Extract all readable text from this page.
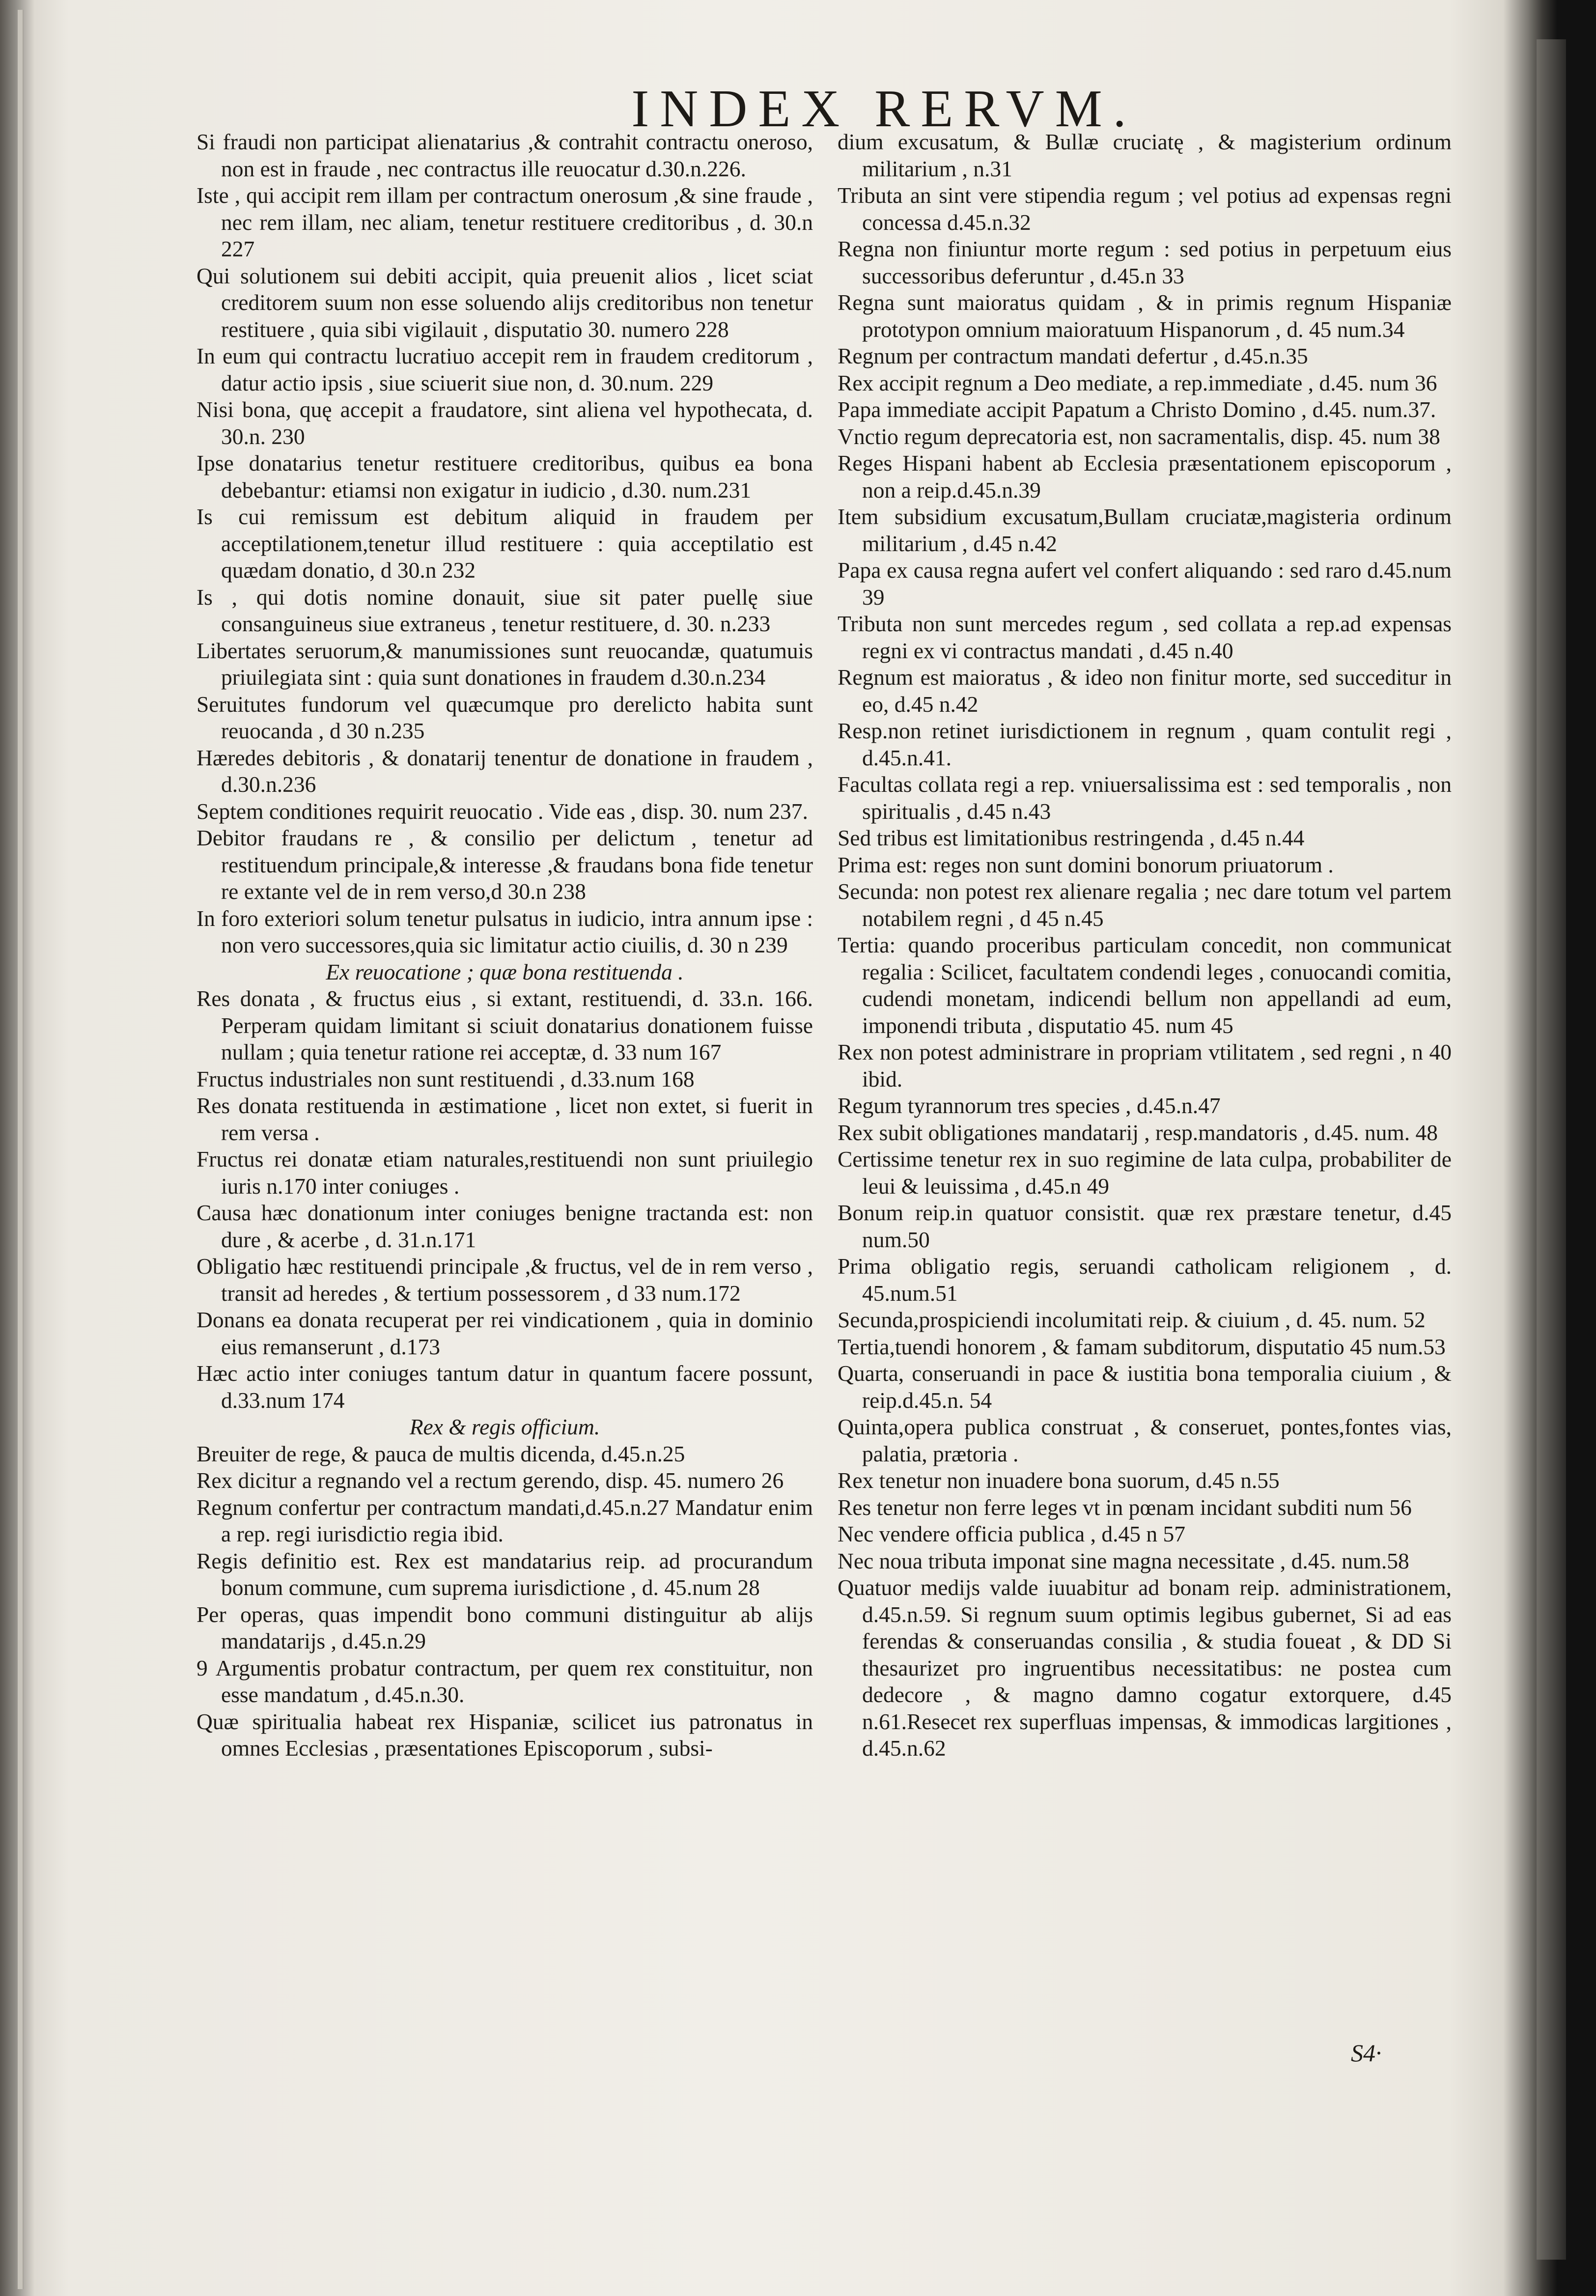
INDEX RERVM.

Si fraudi non participat alienatarius ,& contrahit contractu oneroso, non est in fraude , nec contractus ille reuocatur d.30.n.226.

Iste , qui accipit rem illam per contractum onerosum ,& sine fraude , nec rem illam, nec aliam, tenetur restituere creditoribus , d. 30.n 227

Qui solutionem sui debiti accipit, quia preuenit alios , licet sciat creditorem suum non esse soluendo alijs creditoribus non tenetur restituere , quia sibi vigilauit , disputatio 30. numero 228

In eum qui contractu lucratiuo accepit rem in fraudem creditorum , datur actio ipsis , siue sciuerit siue non, d. 30.num. 229

Nisi bona, quę accepit a fraudatore, sint aliena vel hypothecata, d. 30.n. 230

Ipse donatarius tenetur restituere creditoribus, quibus ea bona debebantur: etiamsi non exigatur in iudicio , d.30. num.231

Is cui remissum est debitum aliquid in fraudem per acceptilationem,tenetur illud restituere : quia acceptilatio est quædam donatio, d 30.n 232

Is , qui dotis nomine donauit, siue sit pater puellę siue consanguineus siue extraneus , tenetur restituere, d. 30. n.233

Libertates seruorum,& manumissiones sunt reuocandæ, quatumuis priuilegiata sint : quia sunt donationes in fraudem d.30.n.234

Seruitutes fundorum vel quæcumque pro derelicto habita sunt reuocanda , d 30 n.235

Hæredes debitoris , & donatarij tenentur de donatione in fraudem , d.30.n.236

Septem conditiones requirit reuocatio . Vide eas , disp. 30. num 237.

Debitor fraudans re , & consilio per delictum , tenetur ad restituendum principale,& interesse ,& fraudans bona fide tenetur re extante vel de in rem verso,d 30.n 238

In foro exteriori solum tenetur pulsatus in iudicio, intra annum ipse : non vero successores,quia sic limitatur actio ciuilis, d. 30 n 239

Ex reuocatione ; quæ bona restituenda .

Res donata , & fructus eius , si extant, restituendi, d. 33.n. 166. Perperam quidam limitant si sciuit donatarius donationem fuisse nullam ; quia tenetur ratione rei acceptæ, d. 33 num 167

Fructus industriales non sunt restituendi , d.33.num 168

Res donata restituenda in æstimatione , licet non extet, si fuerit in rem versa .

Fructus rei donatæ etiam naturales,restituendi non sunt priuilegio iuris n.170 inter coniuges .

Causa hæc donationum inter coniuges benigne tractanda est: non dure , & acerbe , d. 31.n.171

Obligatio hæc restituendi principale ,& fructus, vel de in rem verso , transit ad heredes , & tertium possessorem , d 33 num.172

Donans ea donata recuperat per rei vindicationem , quia in dominio eius remanserunt , d.173

Hæc actio inter coniuges tantum datur in quantum facere possunt, d.33.num 174

Rex & regis officium.

Breuiter de rege, & pauca de multis dicenda, d.45.n.25

Rex dicitur a regnando vel a rectum gerendo, disp. 45. numero 26

Regnum confertur per contractum mandati,d.45.n.27 Mandatur enim a rep. regi iurisdictio regia ibid.

Regis definitio est. Rex est mandatarius reip. ad procurandum bonum commune, cum suprema iurisdictione , d. 45.num 28

Per operas, quas impendit bono communi distinguitur ab alijs mandatarijs , d.45.n.29

9 Argumentis probatur contractum, per quem rex constituitur, non esse mandatum , d.45.n.30.

Quæ spiritualia habeat rex Hispaniæ, scilicet ius patronatus in omnes Ecclesias , præsentationes Episcoporum , subsi-

dium excusatum, & Bullæ cruciatę , & magisterium ordinum militarium , n.31

Tributa an sint vere stipendia regum ; vel potius ad expensas regni concessa d.45.n.32

Regna non finiuntur morte regum : sed potius in perpetuum eius successoribus deferuntur , d.45.n 33

Regna sunt maioratus quidam , & in primis regnum Hispaniæ prototypon omnium maioratuum Hispanorum , d. 45 num.34

Regnum per contractum mandati defertur , d.45.n.35

Rex accipit regnum a Deo mediate, a rep.immediate , d.45. num 36

Papa immediate accipit Papatum a Christo Domino , d.45. num.37.

Vnctio regum deprecatoria est, non sacramentalis, disp. 45. num 38

Reges Hispani habent ab Ecclesia præsentationem episcoporum , non a reip.d.45.n.39

Item subsidium excusatum,Bullam cruciatæ,magisteria ordinum militarium , d.45 n.42

Papa ex causa regna aufert vel confert aliquando : sed raro d.45.num 39

Tributa non sunt mercedes regum , sed collata a rep.ad expensas regni ex vi contractus mandati , d.45 n.40

Regnum est maioratus , & ideo non finitur morte, sed succeditur in eo, d.45 n.42

Resp.non retinet iurisdictionem in regnum , quam contulit regi , d.45.n.41.

Facultas collata regi a rep. vniuersalissima est : sed temporalis , non spiritualis , d.45 n.43

Sed tribus est limitationibus restringenda , d.45 n.44

Prima est: reges non sunt domini bonorum priuatorum .

Secunda: non potest rex alienare regalia ; nec dare totum vel partem notabilem regni , d 45 n.45

Tertia: quando proceribus particulam concedit, non communicat regalia : Scilicet, facultatem condendi leges , conuocandi comitia, cudendi monetam, indicendi bellum non appellandi ad eum, imponendi tributa , disputatio 45. num 45

Rex non potest administrare in propriam vtilitatem , sed regni , n 40 ibid.

Regum tyrannorum tres species , d.45.n.47

Rex subit obligationes mandatarij , resp.mandatoris , d.45. num. 48

Certissime tenetur rex in suo regimine de lata culpa, probabiliter de leui & leuissima , d.45.n 49

Bonum reip.in quatuor consistit. quæ rex præstare tenetur, d.45 num.50

Prima obligatio regis, seruandi catholicam religionem , d. 45.num.51

Secunda,prospiciendi incolumitati reip. & ciuium , d. 45. num. 52

Tertia,tuendi honorem , & famam subditorum, disputatio 45 num.53

Quarta, conseruandi in pace & iustitia bona temporalia ciuium , & reip.d.45.n. 54

Quinta,opera publica construat , & conseruet, pontes,fontes vias, palatia, prætoria .

Rex tenetur non inuadere bona suorum, d.45 n.55

Res tenetur non ferre leges vt in pœnam incidant subditi num 56

Nec vendere officia publica , d.45 n 57

Nec noua tributa imponat sine magna necessitate , d.45. num.58

Quatuor medijs valde iuuabitur ad bonam reip. administrationem, d.45.n.59. Si regnum suum optimis legibus gubernet, Si ad eas ferendas & conseruandas consilia , & studia foueat , & DD Si thesaurizet pro ingruentibus necessitatibus: ne postea cum dedecore , & magno damno cogatur extorquere, d.45 n.61.Resecet rex superfluas impensas, & immodicas largitiones , d.45.n.62

S4·
